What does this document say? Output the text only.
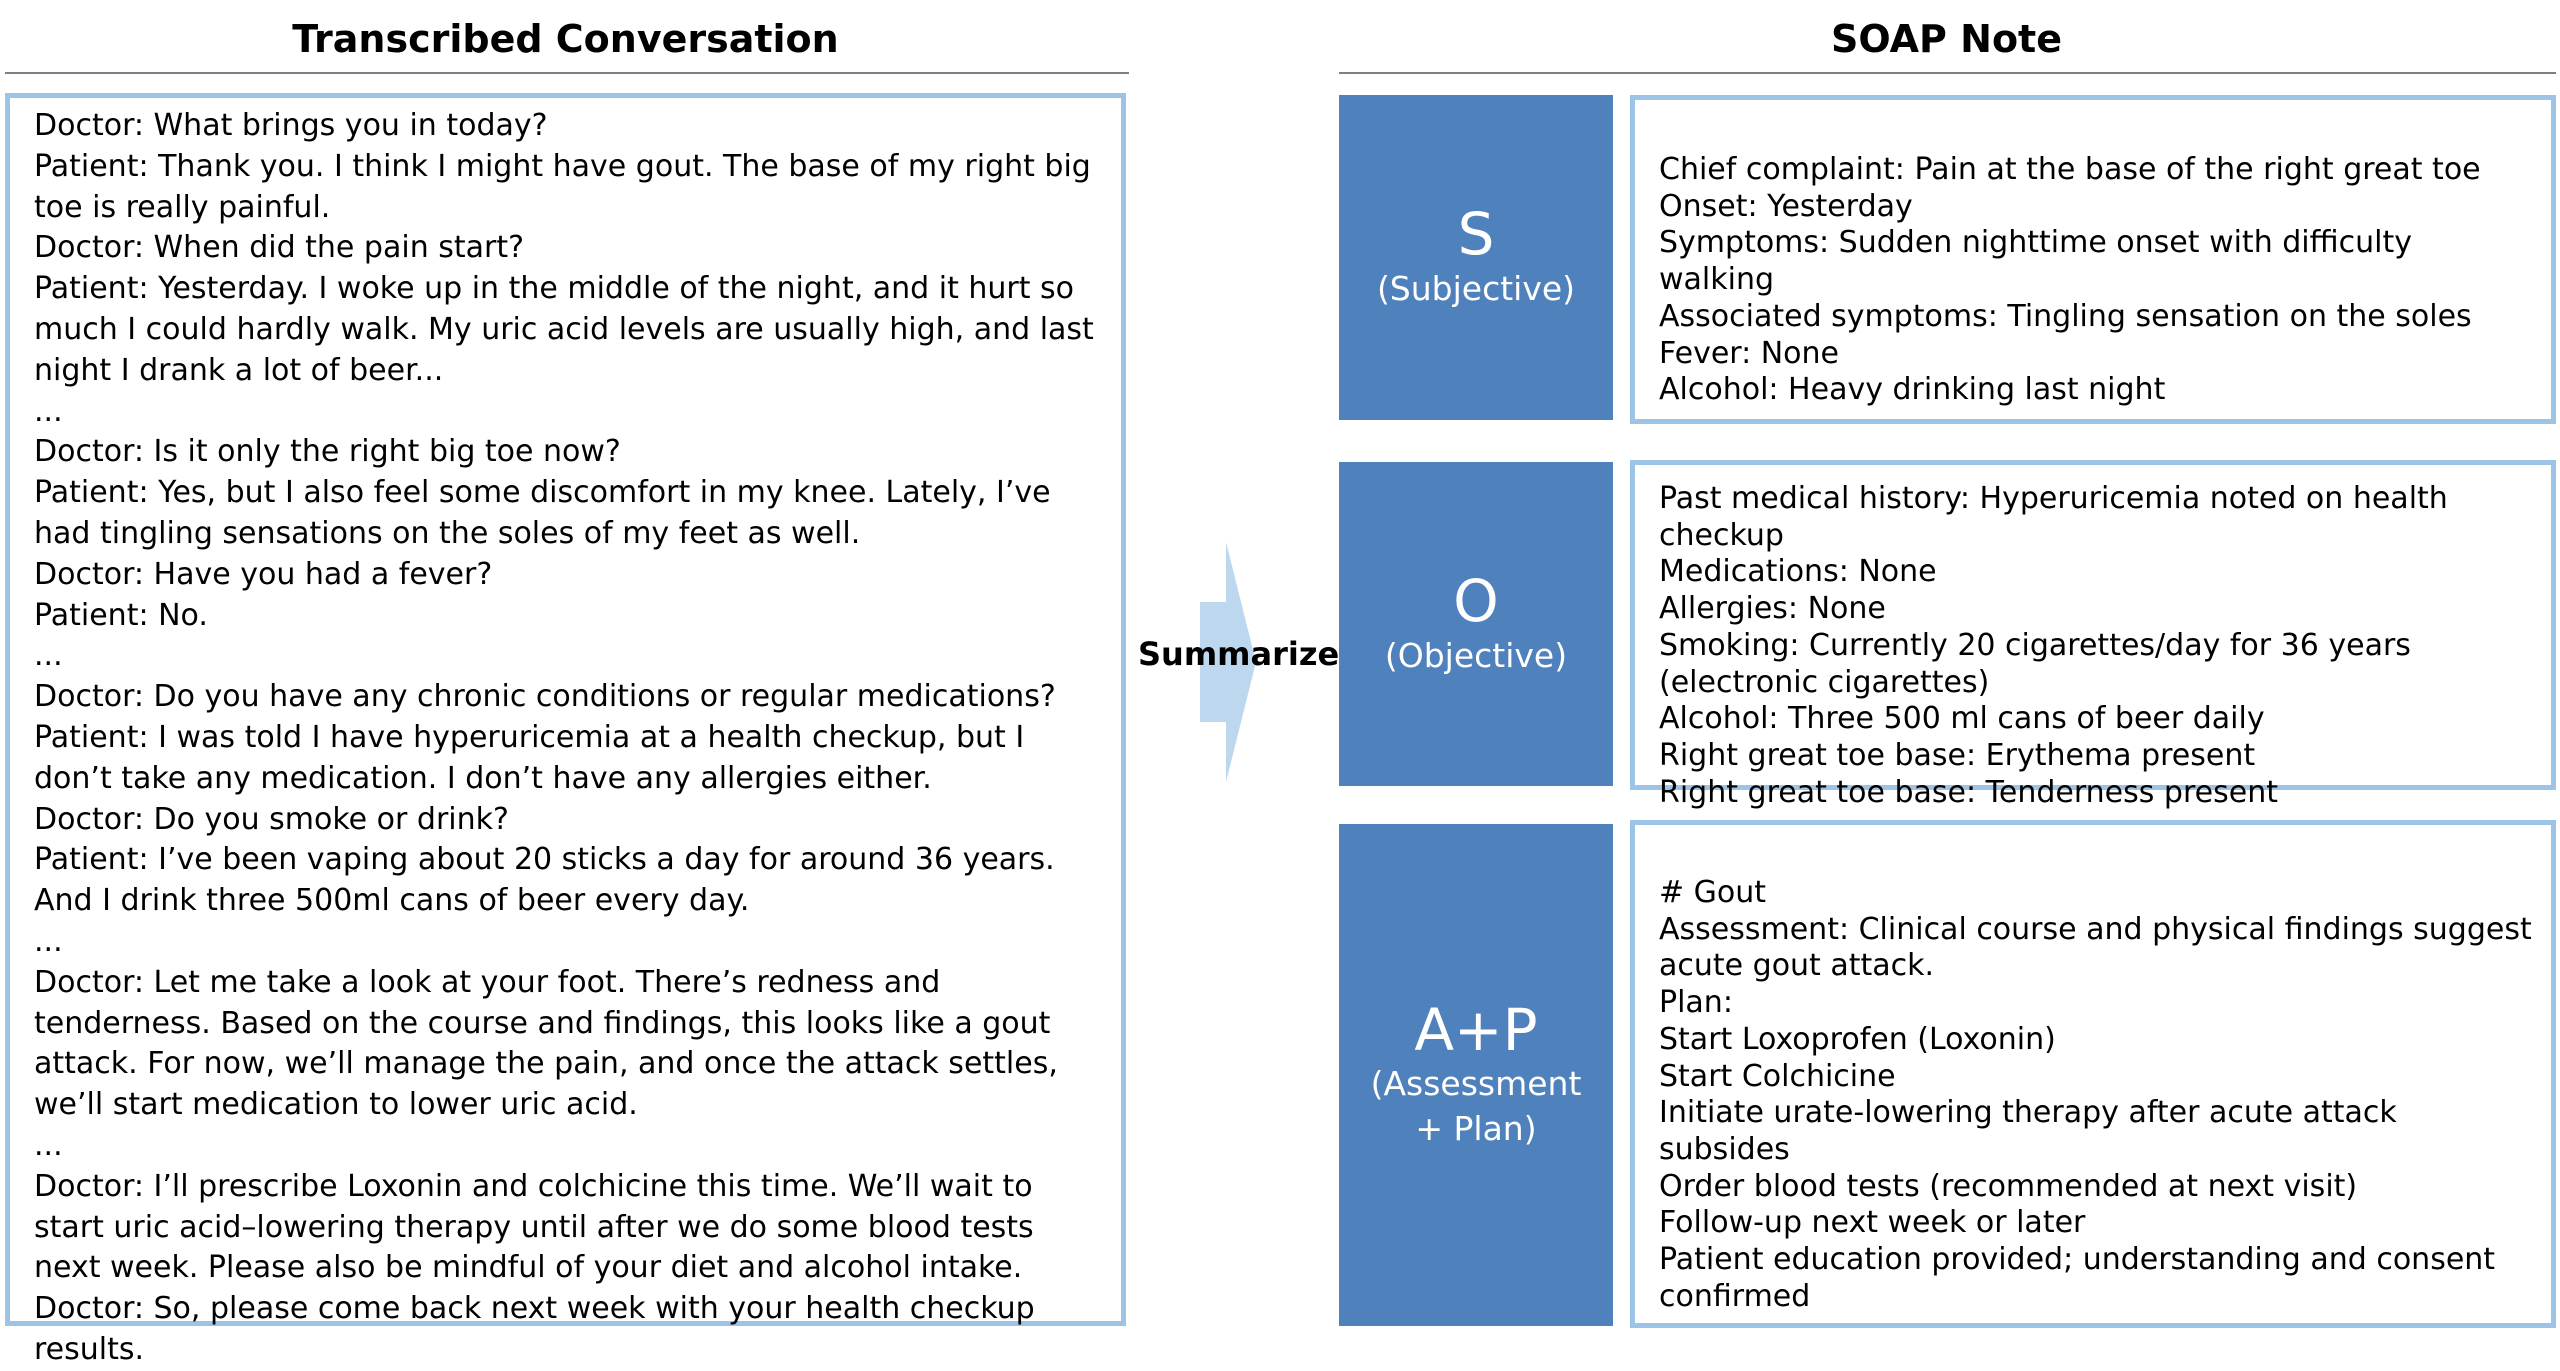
Transcribed Conversation	SOAP Note
Doctor: What brings you in today?
Patient: Thank you. I think I might have gout. The base of my right big toe is really painful.
Doctor: When did the pain start?
Patient: Yesterday. I woke up in the middle of the night, and it hurt so much I could hardly walk. My uric acid levels are usually high, and last night I drank a lot of beer...
...
Doctor: Is it only the right big toe now?
Patient: Yes, but I also feel some discomfort in my knee. Lately, I’ve had tingling sensations on the soles of my feet as well.
Doctor: Have you had a fever?
Patient: No.
...
Doctor: Do you have any chronic conditions or regular medications?
Patient: I was told I have hyperuricemia at a health checkup, but I don’t take any medication. I don’t have any allergies either.
Doctor: Do you smoke or drink?
Patient: I’ve been vaping about 20 sticks a day for around 36 years. And I drink three 500ml cans of beer every day.
...
Doctor: Let me take a look at your foot. There’s redness and tenderness. Based on the course and findings, this looks like a gout attack. For now, we’ll manage the pain, and once the attack settles, we’ll start medication to lower uric acid.
...
Doctor: I’ll prescribe Loxonin and colchicine this time. We’ll wait to start uric acid–lowering therapy until after we do some blood tests next week. Please also be mindful of your diet and alcohol intake.
Doctor: So, please come back next week with your health checkup results.
Summarize
S
(Subjective)
Chief complaint: Pain at the base of the right great toe
Onset: Yesterday
Symptoms: Sudden nighttime onset with difficulty walking
Associated symptoms: Tingling sensation on the soles
Fever: None
Alcohol: Heavy drinking last night
O
(Objective)
Past medical history: Hyperuricemia noted on health checkup
Medications: None
Allergies: None
Smoking: Currently 20 cigarettes/day for 36 years (electronic cigarettes)
Alcohol: Three 500 ml cans of beer daily
Right great toe base: Erythema present
Right great toe base: Tenderness present
A+P
(Assessment
+ Plan)
# Gout
Assessment: Clinical course and physical findings suggest acute gout attack.
Plan:
Start Loxoprofen (Loxonin)
Start Colchicine
Initiate urate-lowering therapy after acute attack subsides
Order blood tests (recommended at next visit)
Follow-up next week or later
Patient education provided; understanding and consent confirmed
